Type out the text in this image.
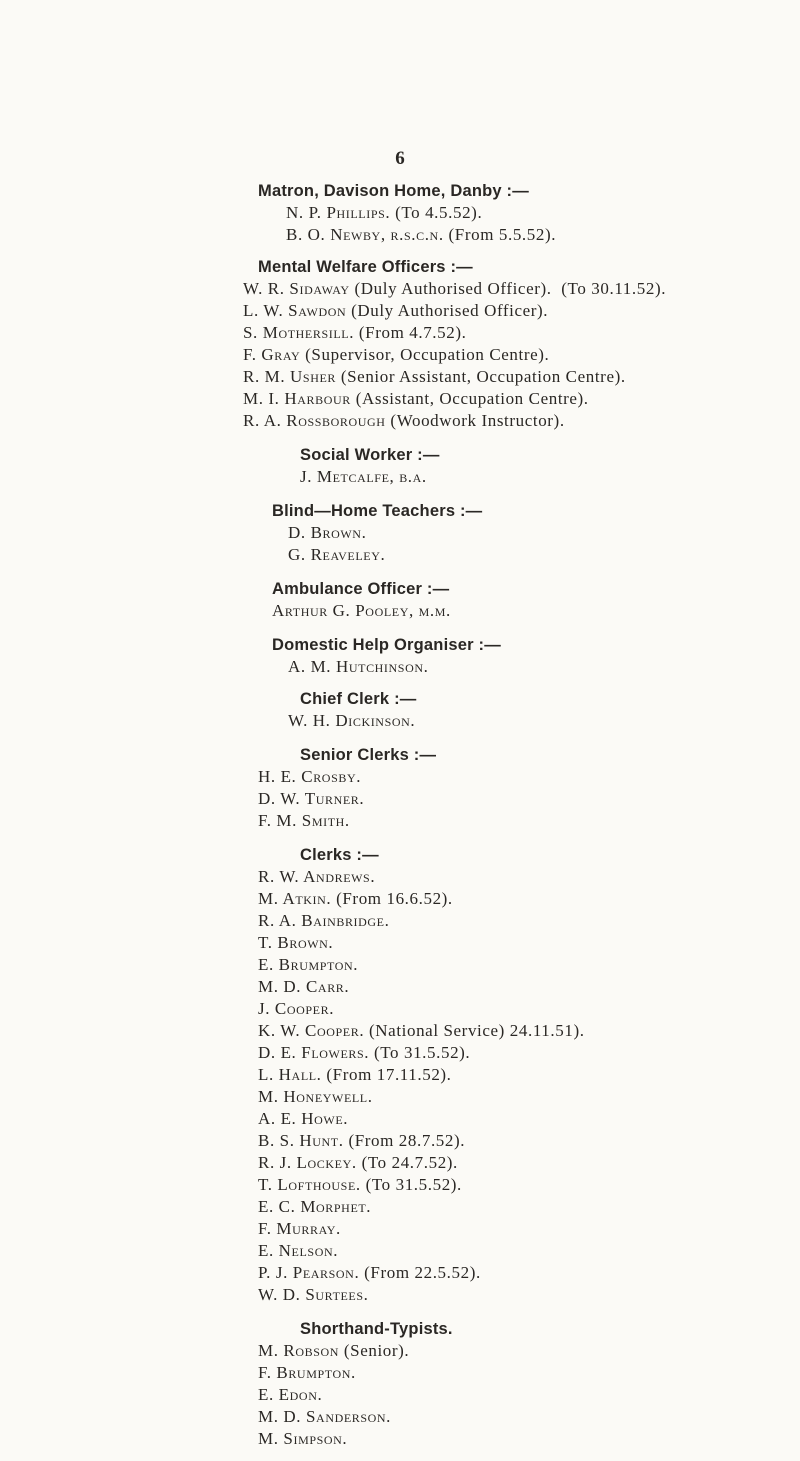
6
Matron, Davison Home, Danby :—
N. P. Phillips. (To 4.5.52).
B. O. Newby, r.s.c.n. (From 5.5.52).
Mental Welfare Officers :—
W. R. Sidaway (Duly Authorised Officer).  (To 30.11.52).
L. W. Sawdon (Duly Authorised Officer).
S. Mothersill. (From 4.7.52).
F. Gray (Supervisor, Occupation Centre).
R. M. Usher (Senior Assistant, Occupation Centre).
M. I. Harbour (Assistant, Occupation Centre).
R. A. Rossborough (Woodwork Instructor).
Social Worker :—
J. Metcalfe, b.a.
Blind—Home Teachers :—
D. Brown.
G. Reaveley.
Ambulance Officer :—
Arthur G. Pooley, m.m.
Domestic Help Organiser :—
A. M. Hutchinson.
Chief Clerk :—
W. H. Dickinson.
Senior Clerks :—
H. E. Crosby.
D. W. Turner.
F. M. Smith.
Clerks :—
R. W. Andrews.
M. Atkin. (From 16.6.52).
R. A. Bainbridge.
T. Brown.
E. Brumpton.
M. D. Carr.
J. Cooper.
K. W. Cooper. (National Service) 24.11.51).
D. E. Flowers. (To 31.5.52).
L. Hall. (From 17.11.52).
M. Honeywell.
A. E. Howe.
B. S. Hunt. (From 28.7.52).
R. J. Lockey. (To 24.7.52).
T. Lofthouse. (To 31.5.52).
E. C. Morphet.
F. Murray.
E. Nelson.
P. J. Pearson. (From 22.5.52).
W. D. Surtees.
Shorthand-Typists.
M. Robson (Senior).
F. Brumpton.
E. Edon.
M. D. Sanderson.
M. Simpson.
